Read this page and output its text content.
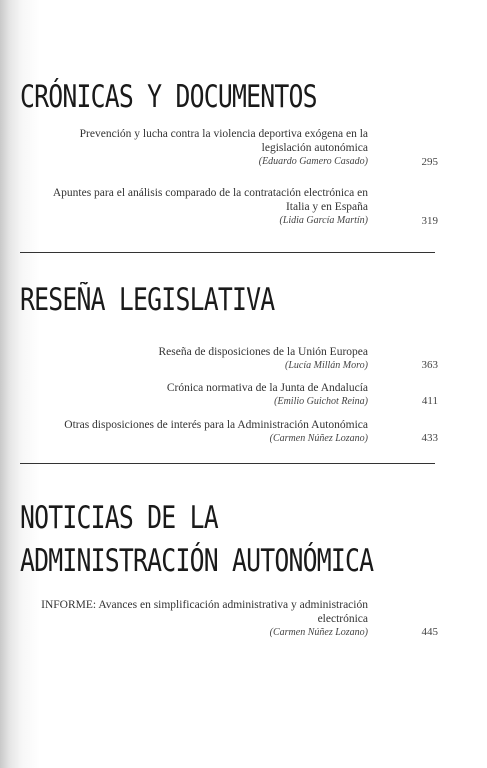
CRÓNICAS Y DOCUMENTOS
Prevención y lucha contra la violencia deportiva exógena en la legislación autonómica
(Eduardo Gamero Casado)	295
Apuntes para el análisis comparado de la contratación electrónica en Italia y en España
(Lidia García Martín)	319
RESEÑA LEGISLATIVA
Reseña de disposiciones de la Unión Europea
(Lucía Millán Moro)	363
Crónica normativa de la Junta de Andalucía
(Emilio Guichot Reina)	411
Otras disposiciones de interés para la Administración Autonómica
(Carmen Núñez Lozano)	433
NOTICIAS DE LA
ADMINISTRACIÓN AUTONÓMICA
INFORME: Avances en simplificación administrativa y administración electrónica
(Carmen Núñez Lozano)	445
